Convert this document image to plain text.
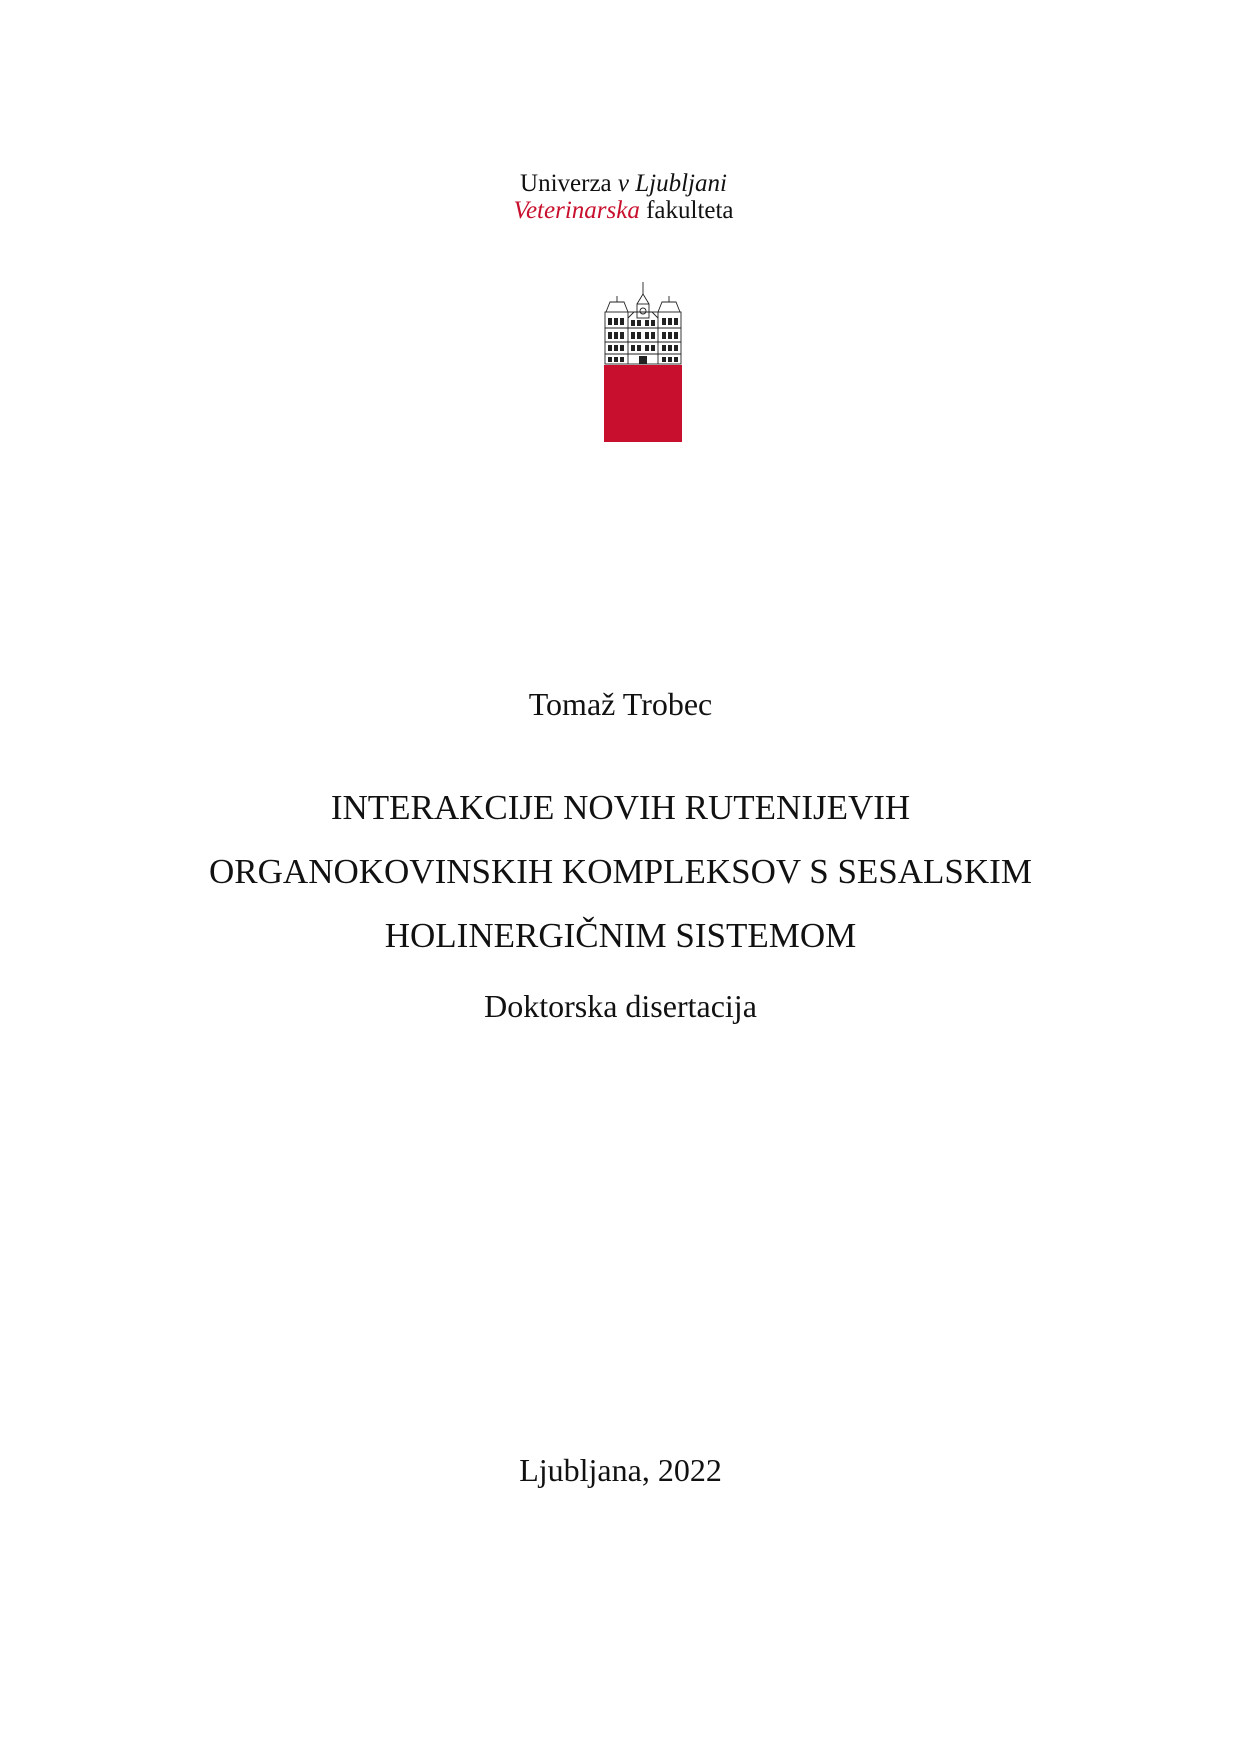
Univerza v Ljubljani
Veterinarska fakulteta
Tomaž Trobec
INTERAKCIJE NOVIH RUTENIJEVIH
ORGANOKOVINSKIH KOMPLEKSOV S SESALSKIM
HOLINERGIČNIM SISTEMOM
Doktorska disertacija
Ljubljana, 2022
